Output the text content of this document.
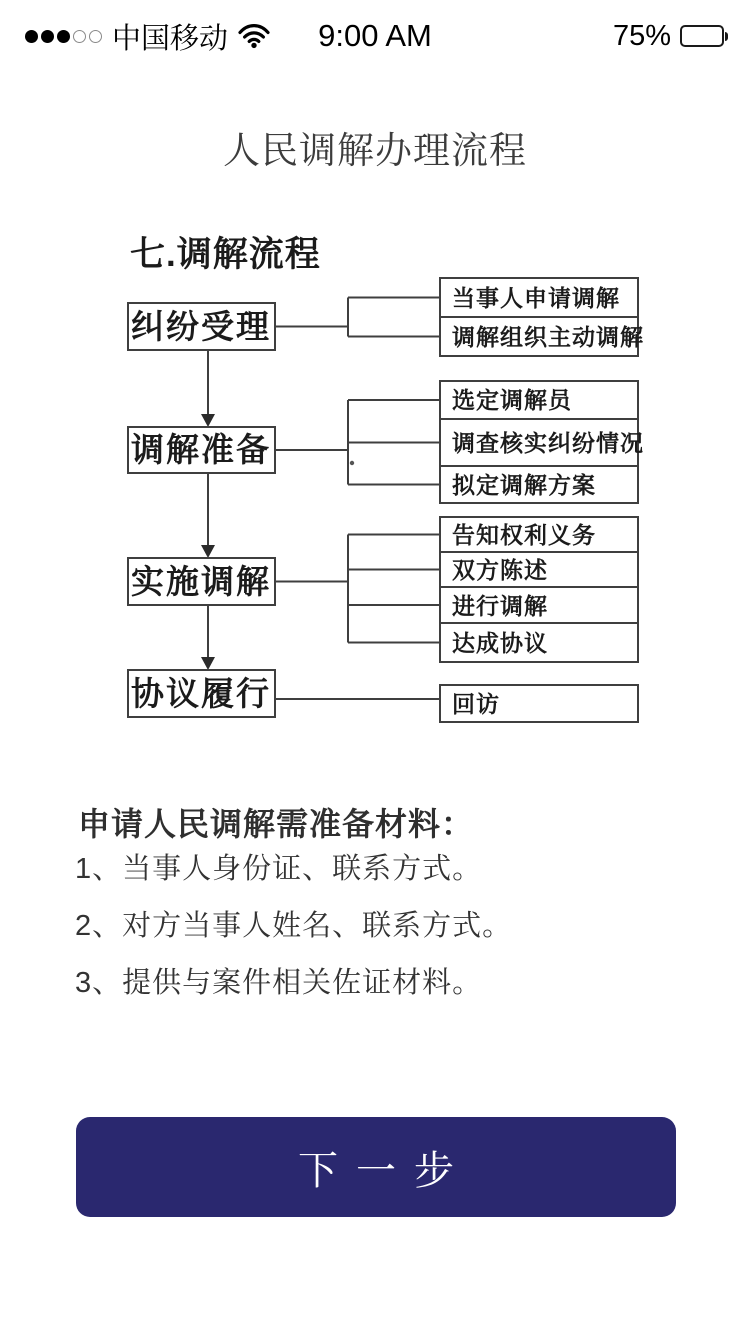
中国移动	9:00 AM	75%
人民调解办理流程
七.调解流程
纠纷受理
调解准备
实施调解
协议履行
当事人申请调解
调解组织主动调解
选定调解员
调查核实纠纷情况
拟定调解方案
告知权利义务
双方陈述
进行调解
达成协议
回访
申请人民调解需准备材料：
1、当事人身份证、联系方式。
2、对方当事人姓名、联系方式。
3、提供与案件相关佐证材料。
下一步
